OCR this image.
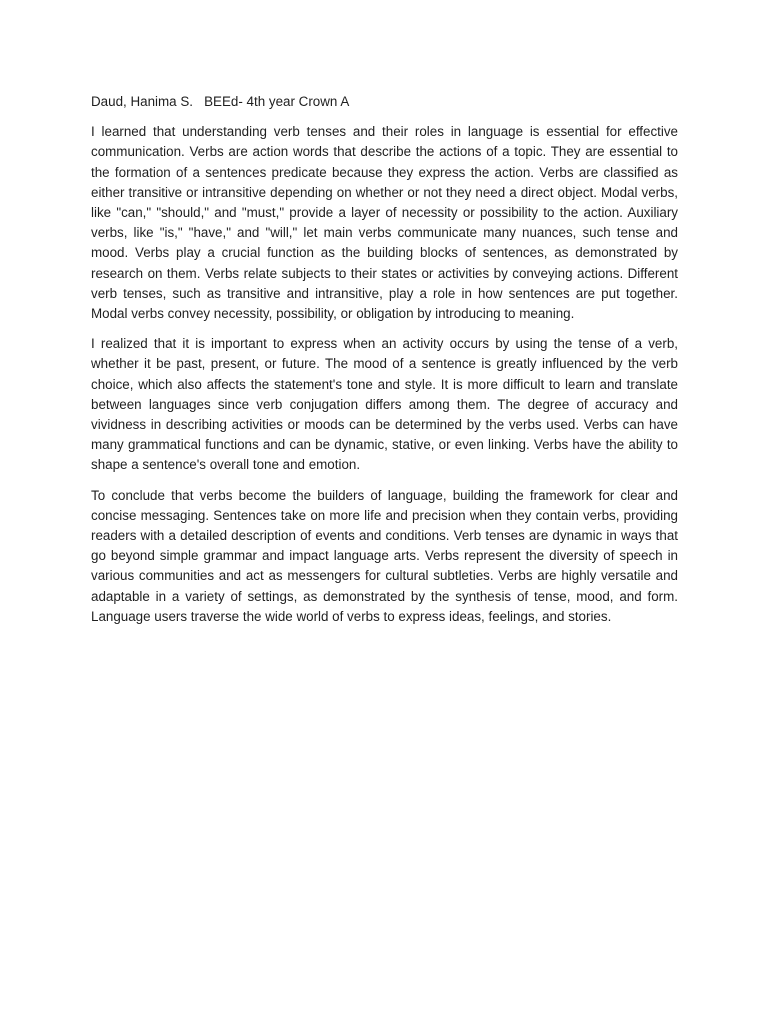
Daud, Hanima S.   BEEd- 4th year Crown A

I learned that understanding verb tenses and their roles in language is essential for effective communication. Verbs are action words that describe the actions of a topic. They are essential to the formation of a sentences predicate because they express the action. Verbs are classified as either transitive or intransitive depending on whether or not they need a direct object. Modal verbs, like "can," "should," and "must," provide a layer of necessity or possibility to the action. Auxiliary verbs, like "is," "have," and "will," let main verbs communicate many nuances, such tense and mood. Verbs play a crucial function as the building blocks of sentences, as demonstrated by research on them. Verbs relate subjects to their states or activities by conveying actions. Different verb tenses, such as transitive and intransitive, play a role in how sentences are put together. Modal verbs convey necessity, possibility, or obligation by introducing to meaning.

I realized that it is important to express when an activity occurs by using the tense of a verb, whether it be past, present, or future. The mood of a sentence is greatly influenced by the verb choice, which also affects the statement's tone and style. It is more difficult to learn and translate between languages since verb conjugation differs among them. The degree of accuracy and vividness in describing activities or moods can be determined by the verbs used. Verbs can have many grammatical functions and can be dynamic, stative, or even linking. Verbs have the ability to shape a sentence's overall tone and emotion.

To conclude that verbs become the builders of language, building the framework for clear and concise messaging. Sentences take on more life and precision when they contain verbs, providing readers with a detailed description of events and conditions. Verb tenses are dynamic in ways that go beyond simple grammar and impact language arts. Verbs represent the diversity of speech in various communities and act as messengers for cultural subtleties. Verbs are highly versatile and adaptable in a variety of settings, as demonstrated by the synthesis of tense, mood, and form. Language users traverse the wide world of verbs to express ideas, feelings, and stories.
